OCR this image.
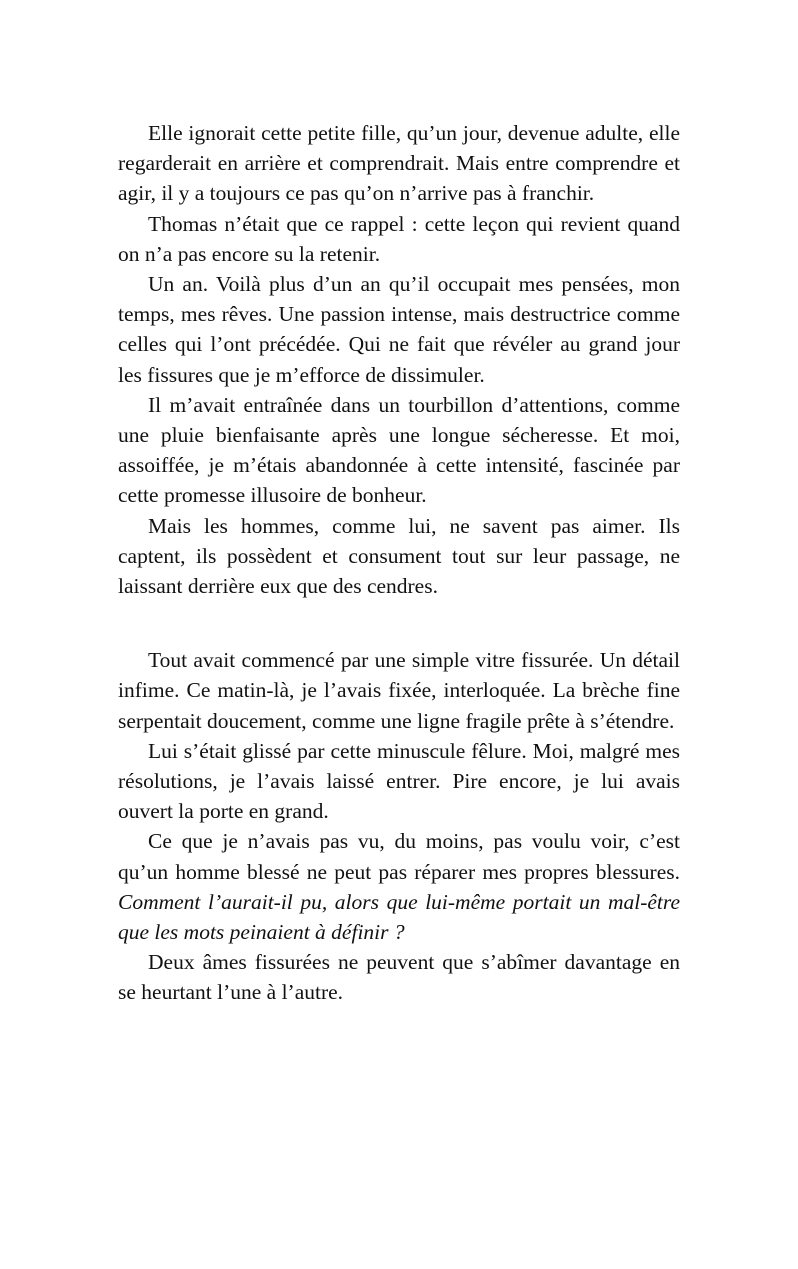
Elle ignorait cette petite fille, qu’un jour, devenue adulte, elle regarderait en arrière et comprendrait. Mais entre comprendre et agir, il y a toujours ce pas qu’on n’arrive pas à franchir.

Thomas n’était que ce rappel : cette leçon qui revient quand on n’a pas encore su la retenir.

Un an. Voilà plus d’un an qu’il occupait mes pensées, mon temps, mes rêves. Une passion intense, mais destructrice comme celles qui l’ont précédée. Qui ne fait que révéler au grand jour les fissures que je m’efforce de dissimuler.

Il m’avait entraînée dans un tourbillon d’attentions, comme une pluie bienfaisante après une longue sécheresse. Et moi, assoiffée, je m’étais abandonnée à cette intensité, fascinée par cette promesse illusoire de bonheur.

Mais les hommes, comme lui, ne savent pas aimer. Ils captent, ils possèdent et consument tout sur leur passage, ne laissant derrière eux que des cendres.

Tout avait commencé par une simple vitre fissurée. Un détail infime. Ce matin-là, je l’avais fixée, interloquée. La brèche fine serpentait doucement, comme une ligne fragile prête à s’étendre.

Lui s’était glissé par cette minuscule fêlure. Moi, malgré mes résolutions, je l’avais laissé entrer. Pire encore, je lui avais ouvert la porte en grand.

Ce que je n’avais pas vu, du moins, pas voulu voir, c’est qu’un homme blessé ne peut pas réparer mes propres blessures. Comment l’aurait-il pu, alors que lui-même portait un mal-être que les mots peinaient à définir ?

Deux âmes fissurées ne peuvent que s’abîmer davantage en se heurtant l’une à l’autre.
